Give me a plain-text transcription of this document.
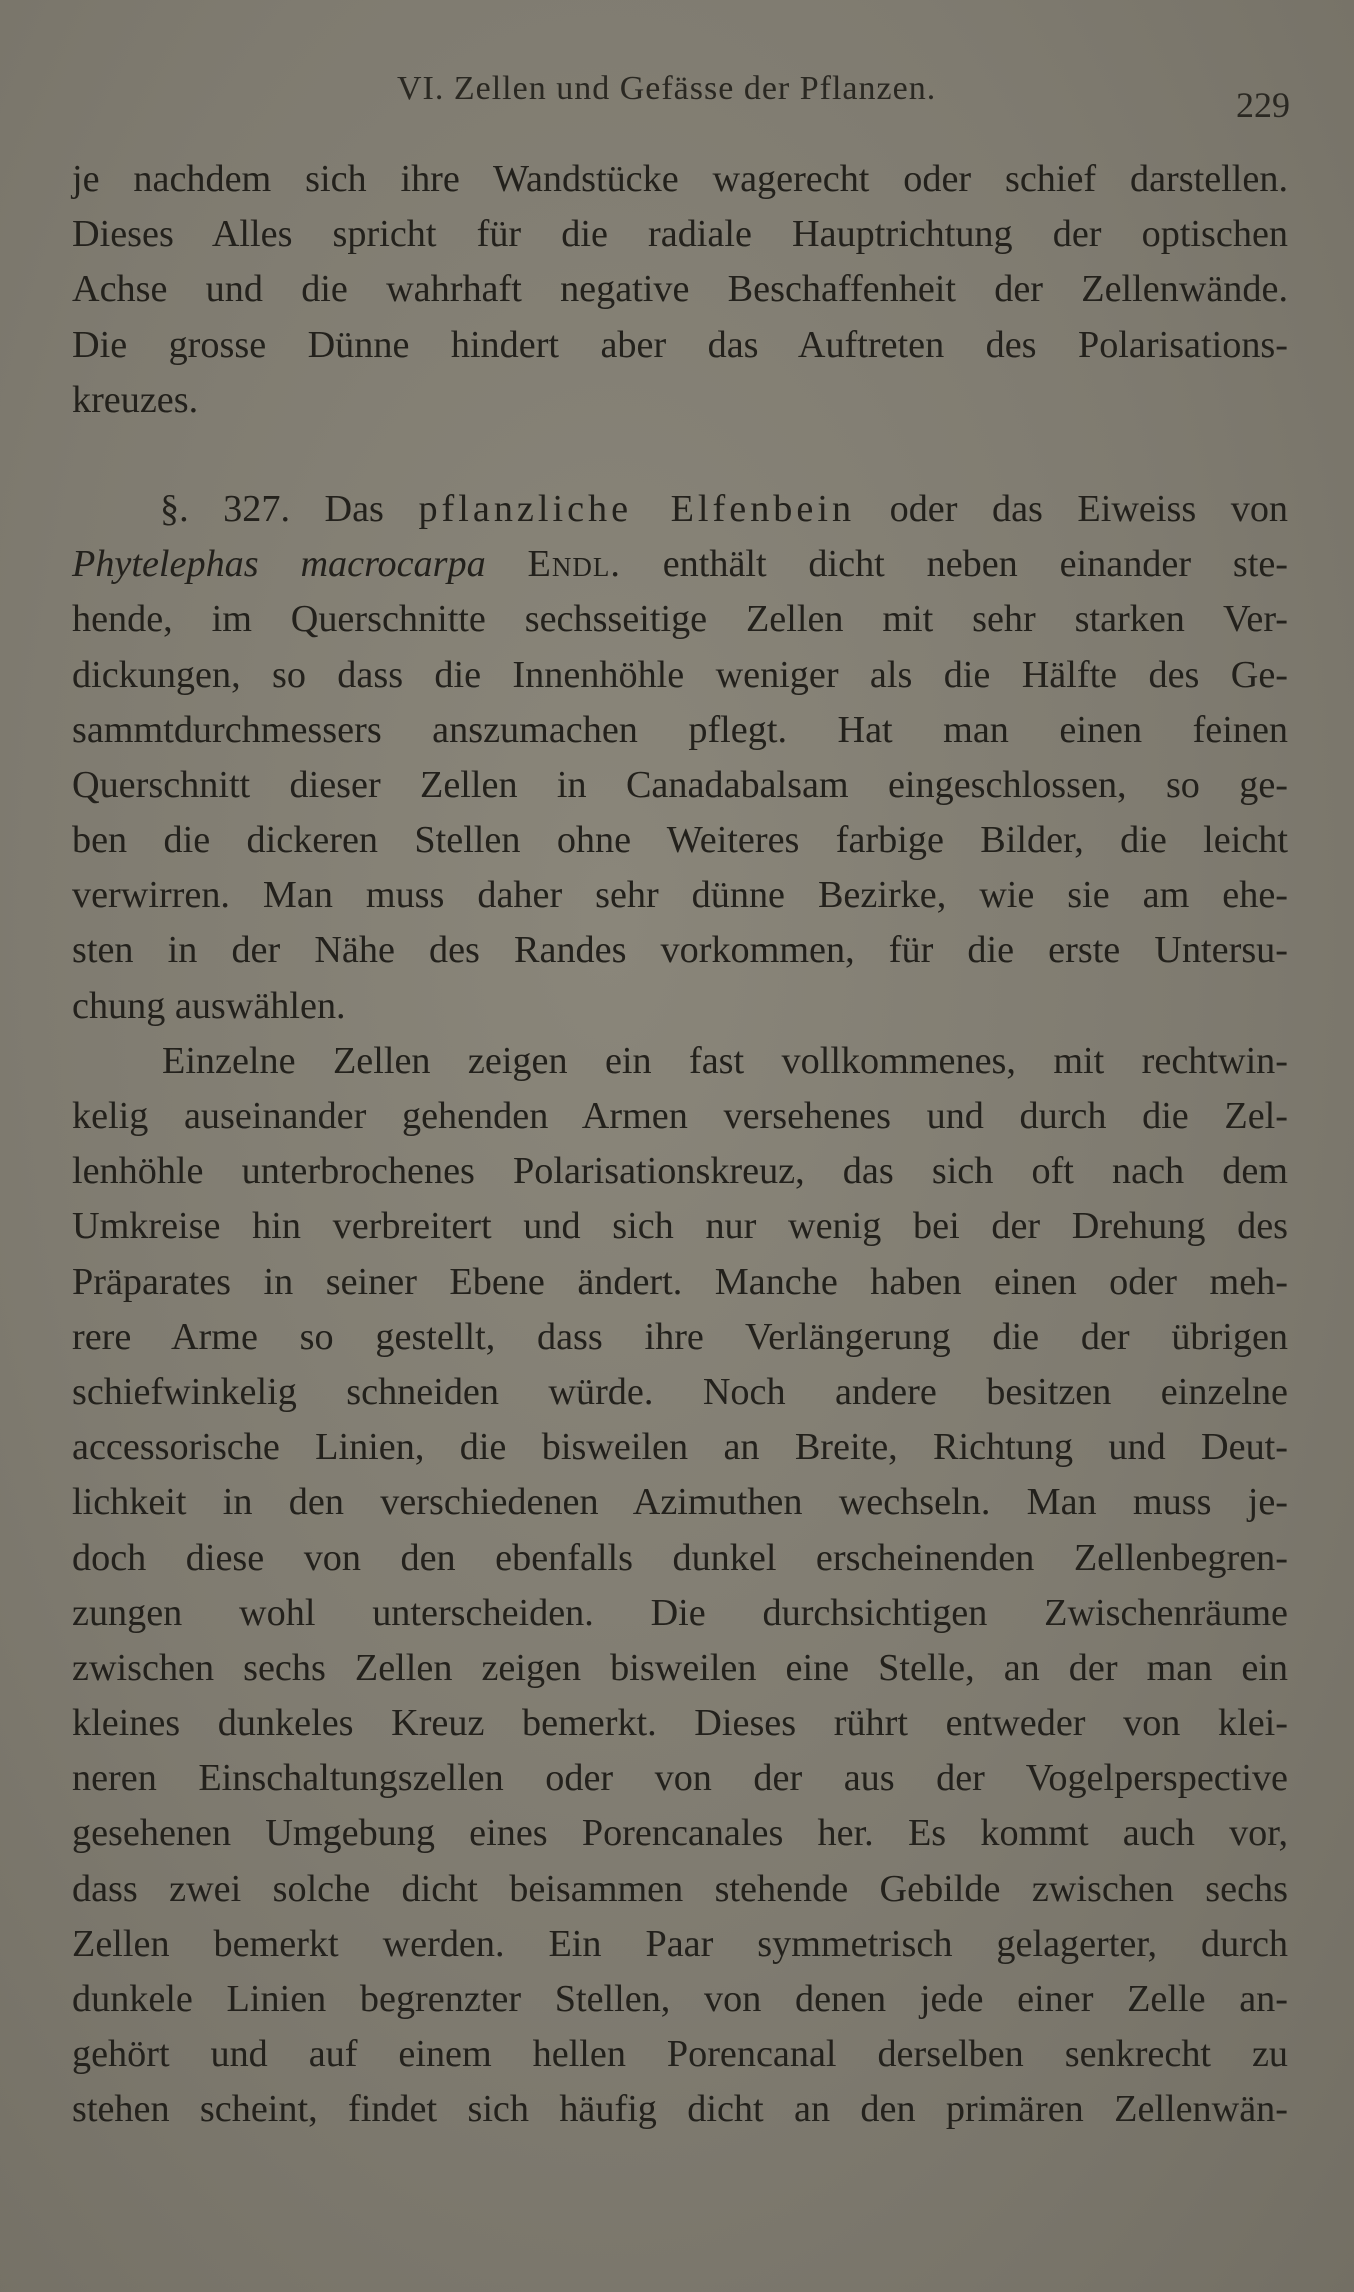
VI. Zellen und Gefässe der Pflanzen.	229
je nachdem sich ihre Wandstücke wagerecht oder schief darstellen.
Dieses Alles spricht für die radiale Hauptrichtung der optischen
Achse und die wahrhaft negative Beschaffenheit der Zellenwände.
Die grosse Dünne hindert aber das Auftreten des Polarisations-
kreuzes.
§. 327. Das pflanzliche Elfenbein oder das Eiweiss von
Phytelephas macrocarpa Endl. enthält dicht neben einander ste-
hende, im Querschnitte sechsseitige Zellen mit sehr starken Ver-
dickungen, so dass die Innenhöhle weniger als die Hälfte des Ge-
sammtdurchmessers anszumachen pflegt. Hat man einen feinen
Querschnitt dieser Zellen in Canadabalsam eingeschlossen, so ge-
ben die dickeren Stellen ohne Weiteres farbige Bilder, die leicht
verwirren. Man muss daher sehr dünne Bezirke, wie sie am ehe-
sten in der Nähe des Randes vorkommen, für die erste Untersu-
chung auswählen.
Einzelne Zellen zeigen ein fast vollkommenes, mit rechtwin-
kelig auseinander gehenden Armen versehenes und durch die Zel-
lenhöhle unterbrochenes Polarisationskreuz, das sich oft nach dem
Umkreise hin verbreitert und sich nur wenig bei der Drehung des
Präparates in seiner Ebene ändert. Manche haben einen oder meh-
rere Arme so gestellt, dass ihre Verlängerung die der übrigen
schiefwinkelig schneiden würde. Noch andere besitzen einzelne
accessorische Linien, die bisweilen an Breite, Richtung und Deut-
lichkeit in den verschiedenen Azimuthen wechseln. Man muss je-
doch diese von den ebenfalls dunkel erscheinenden Zellenbegren-
zungen wohl unterscheiden. Die durchsichtigen Zwischenräume
zwischen sechs Zellen zeigen bisweilen eine Stelle, an der man ein
kleines dunkeles Kreuz bemerkt. Dieses rührt entweder von klei-
neren Einschaltungszellen oder von der aus der Vogelperspective
gesehenen Umgebung eines Porencanales her. Es kommt auch vor,
dass zwei solche dicht beisammen stehende Gebilde zwischen sechs
Zellen bemerkt werden. Ein Paar symmetrisch gelagerter, durch
dunkele Linien begrenzter Stellen, von denen jede einer Zelle an-
gehört und auf einem hellen Porencanal derselben senkrecht zu
stehen scheint, findet sich häufig dicht an den primären Zellenwän-
